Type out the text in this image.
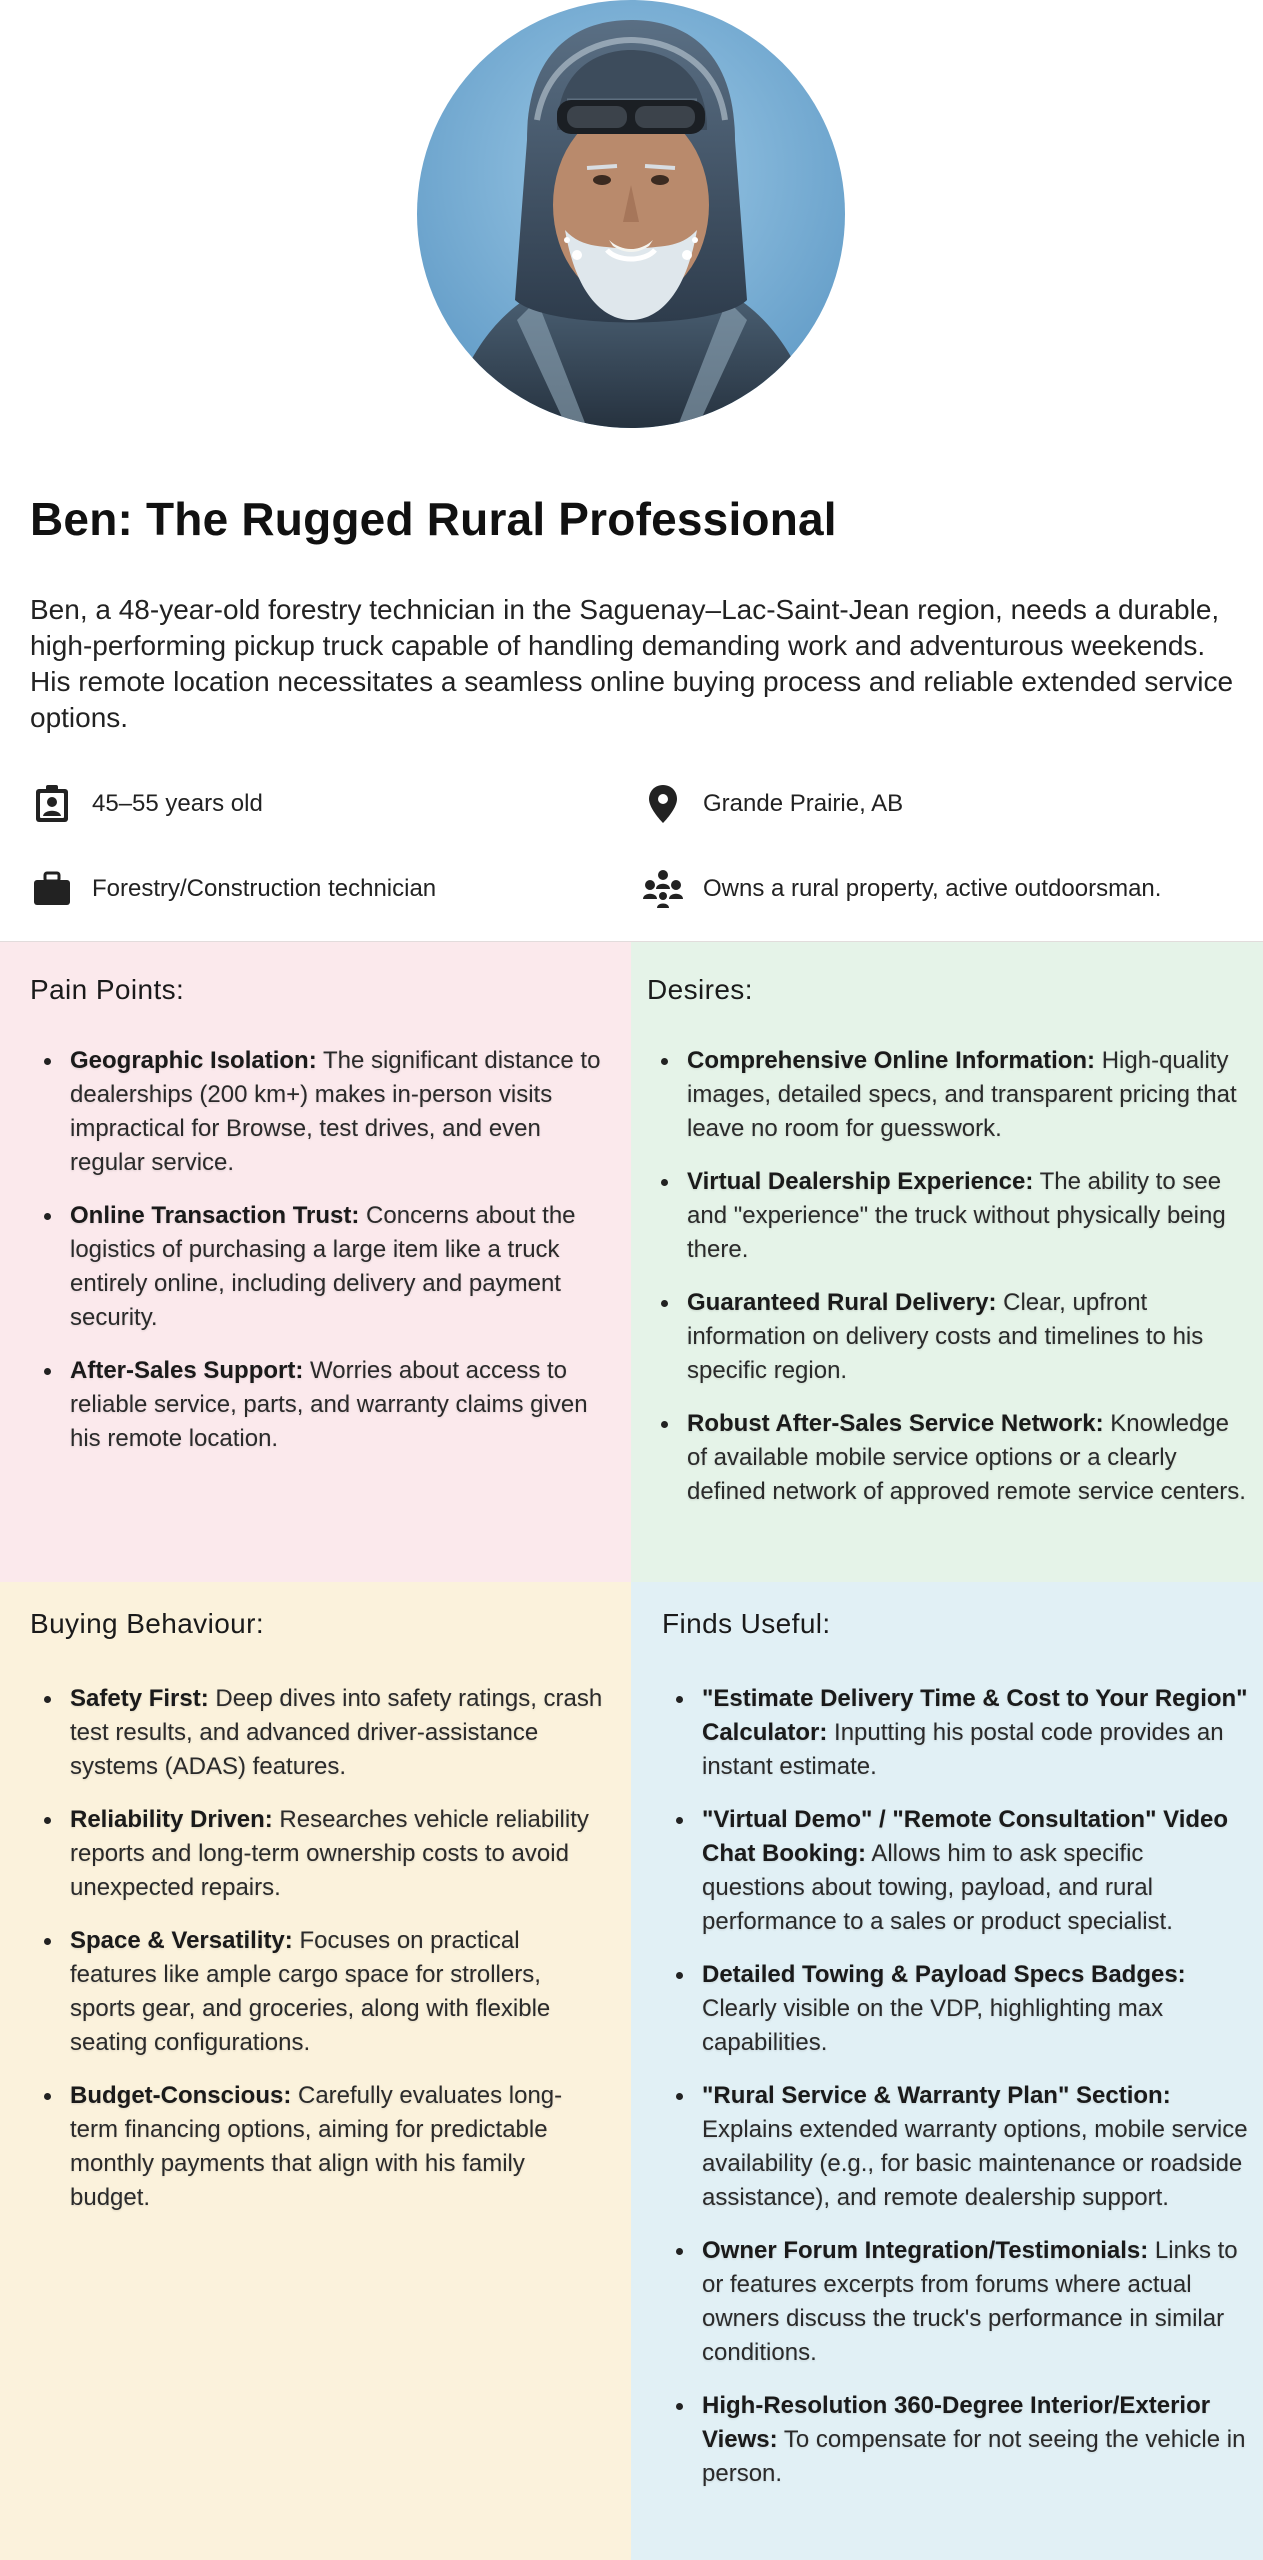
Ben: The Rugged Rural Professional

Ben, a 48-year-old forestry technician in the Saguenay–Lac-Saint-Jean region, needs a durable, high-performing pickup truck capable of handling demanding work and adventurous weekends. His remote location necessitates a seamless online buying process and reliable extended service options.

45–55 years old	Grande Prairie, AB
Forestry/Construction technician	Owns a rural property, active outdoorsman.
Pain Points:
Geographic Isolation: The significant distance to dealerships (200 km+) makes in-person visits impractical for Browse, test drives, and even regular service.
Online Transaction Trust: Concerns about the logistics of purchasing a large item like a truck entirely online, including delivery and payment security.
After-Sales Support: Worries about access to reliable service, parts, and warranty claims given his remote location.
Desires:
Comprehensive Online Information: High-quality images, detailed specs, and transparent pricing that leave no room for guesswork.
Virtual Dealership Experience: The ability to see and "experience" the truck without physically being there.
Guaranteed Rural Delivery: Clear, upfront information on delivery costs and timelines to his specific region.
Robust After-Sales Service Network: Knowledge of available mobile service options or a clearly defined network of approved remote service centers.
Buying Behaviour:
Safety First: Deep dives into safety ratings, crash test results, and advanced driver-assistance systems (ADAS) features.
Reliability Driven: Researches vehicle reliability reports and long-term ownership costs to avoid unexpected repairs.
Space & Versatility: Focuses on practical features like ample cargo space for strollers, sports gear, and groceries, along with flexible seating configurations.
Budget-Conscious: Carefully evaluates long-term financing options, aiming for predictable monthly payments that align with his family budget.
Finds Useful:
"Estimate Delivery Time & Cost to Your Region" Calculator: Inputting his postal code provides an instant estimate.
"Virtual Demo" / "Remote Consultation" Video Chat Booking: Allows him to ask specific questions about towing, payload, and rural performance to a sales or product specialist.
Detailed Towing & Payload Specs Badges: Clearly visible on the VDP, highlighting max capabilities.
"Rural Service & Warranty Plan" Section: Explains extended warranty options, mobile service availability (e.g., for basic maintenance or roadside assistance), and remote dealership support.
Owner Forum Integration/Testimonials: Links to or features excerpts from forums where actual owners discuss the truck's performance in similar conditions.
High-Resolution 360-Degree Interior/Exterior Views: To compensate for not seeing the vehicle in person.
